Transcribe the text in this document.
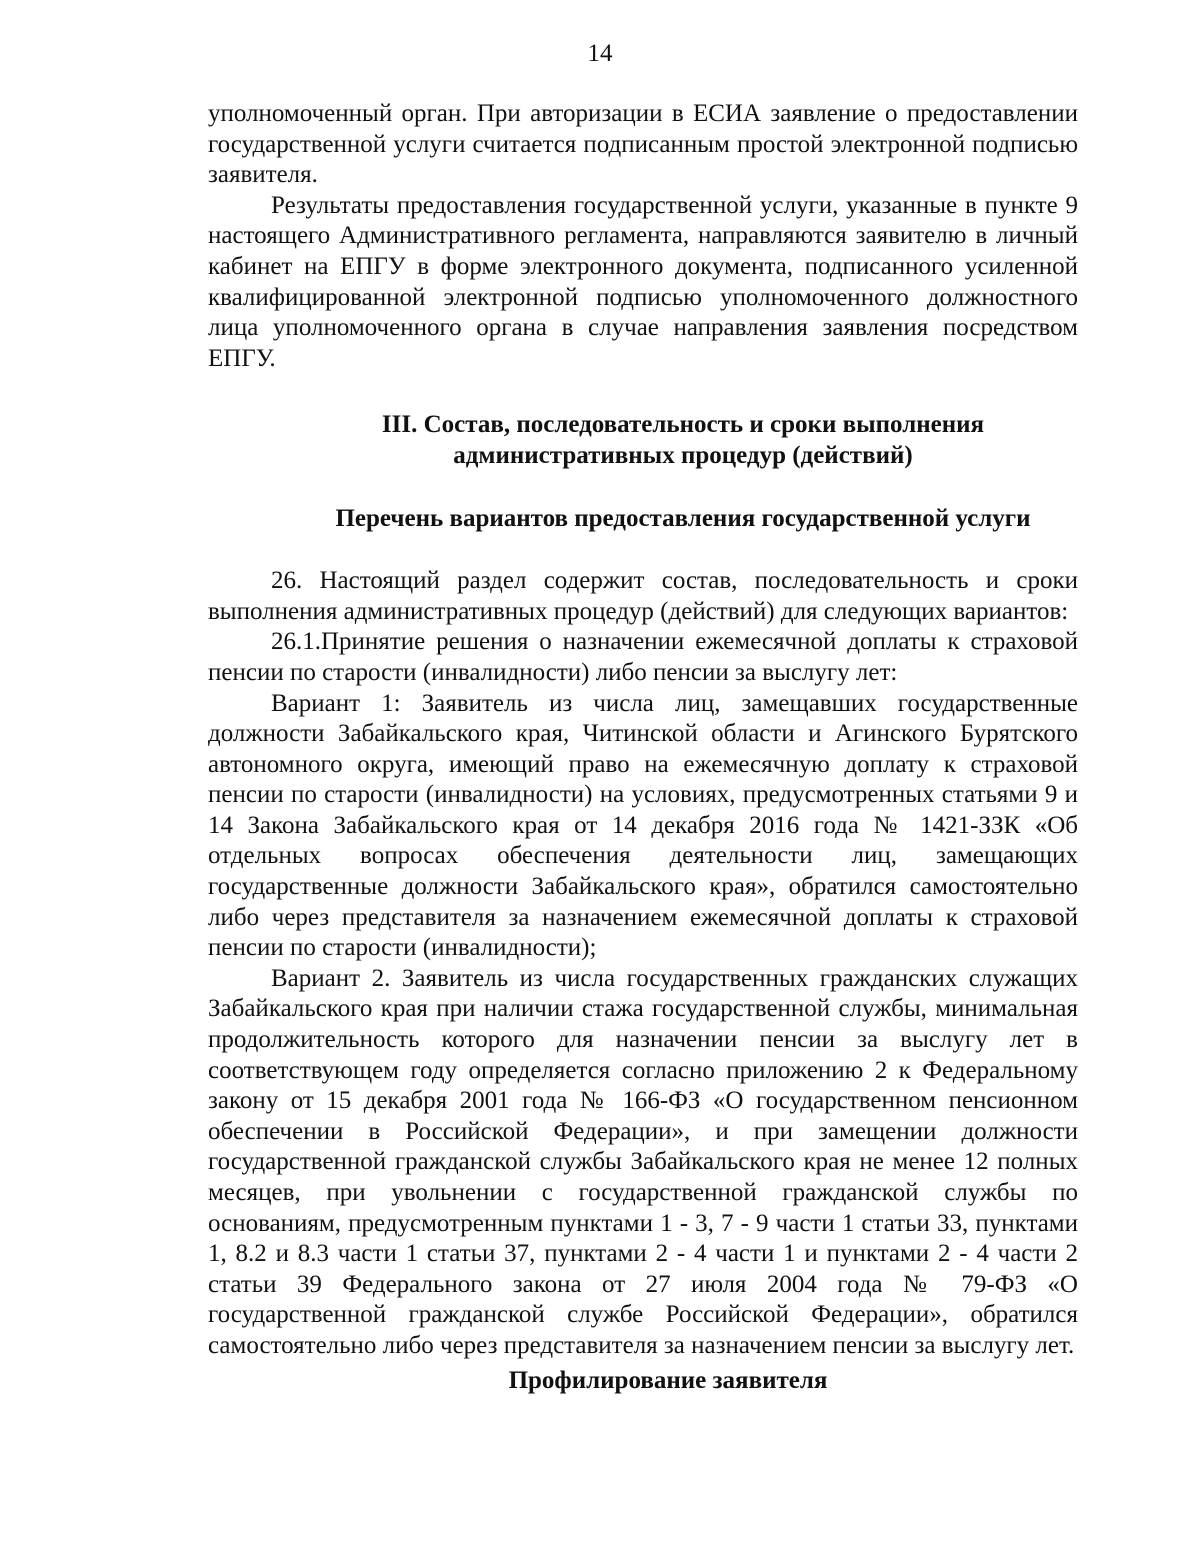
14

уполномоченный орган. При авторизации в ЕСИА заявление о предоставлении государственной услуги считается подписанным простой электронной подписью заявителя.

Результаты предоставления государственной услуги, указанные в пункте 9 настоящего Административного регламента, направляются заявителю в личный кабинет на ЕПГУ в форме электронного документа, подписанного усиленной квалифицированной электронной подписью уполномоченного должностного лица уполномоченного органа в случае направления заявления посредством ЕПГУ.

III. Состав, последовательность и сроки выполнения
административных процедур (действий)
Перечень вариантов предоставления государственной услуги

26. Настоящий раздел содержит состав, последовательность и сроки выполнения административных процедур (действий) для следующих вариантов:

26.1.Принятие решения о назначении ежемесячной доплаты к страховой пенсии по старости (инвалидности) либо пенсии за выслугу лет:

Вариант 1: Заявитель из числа лиц, замещавших государственные должности Забайкальского края, Читинской области и Агинского Бурятского автономного округа, имеющий право на ежемесячную доплату к страховой пенсии по старости (инвалидности) на условиях, предусмотренных статьями 9 и 14 Закона Забайкальского края от 14 декабря 2016 года № 1421-ЗЗК «Об отдельных вопросах обеспечения деятельности лиц, замещающих государственные должности Забайкальского края», обратился самостоятельно либо через представителя за назначением ежемесячной доплаты к страховой пенсии по старости (инвалидности);

Вариант 2. Заявитель из числа государственных гражданских служащих Забайкальского края при наличии стажа государственной службы, минимальная продолжительность которого для назначении пенсии за выслугу лет в соответствующем году определяется согласно приложению 2 к Федеральному закону от 15 декабря 2001 года № 166-ФЗ «О государственном пенсионном обеспечении в Российской Федерации», и при замещении должности государственной гражданской службы Забайкальского края не менее 12 полных месяцев, при увольнении с государственной гражданской службы по основаниям, предусмотренным пунктами 1 - 3, 7 - 9 части 1 статьи 33, пунктами 1, 8.2 и 8.3 части 1 статьи 37, пунктами 2 - 4 части 1 и пунктами 2 - 4 части 2 статьи 39 Федерального закона от 27 июля 2004 года № 79-ФЗ «О государственной гражданской службе Российской Федерации», обратился самостоятельно либо через представителя за назначением пенсии за выслугу лет.

Профилирование заявителя
